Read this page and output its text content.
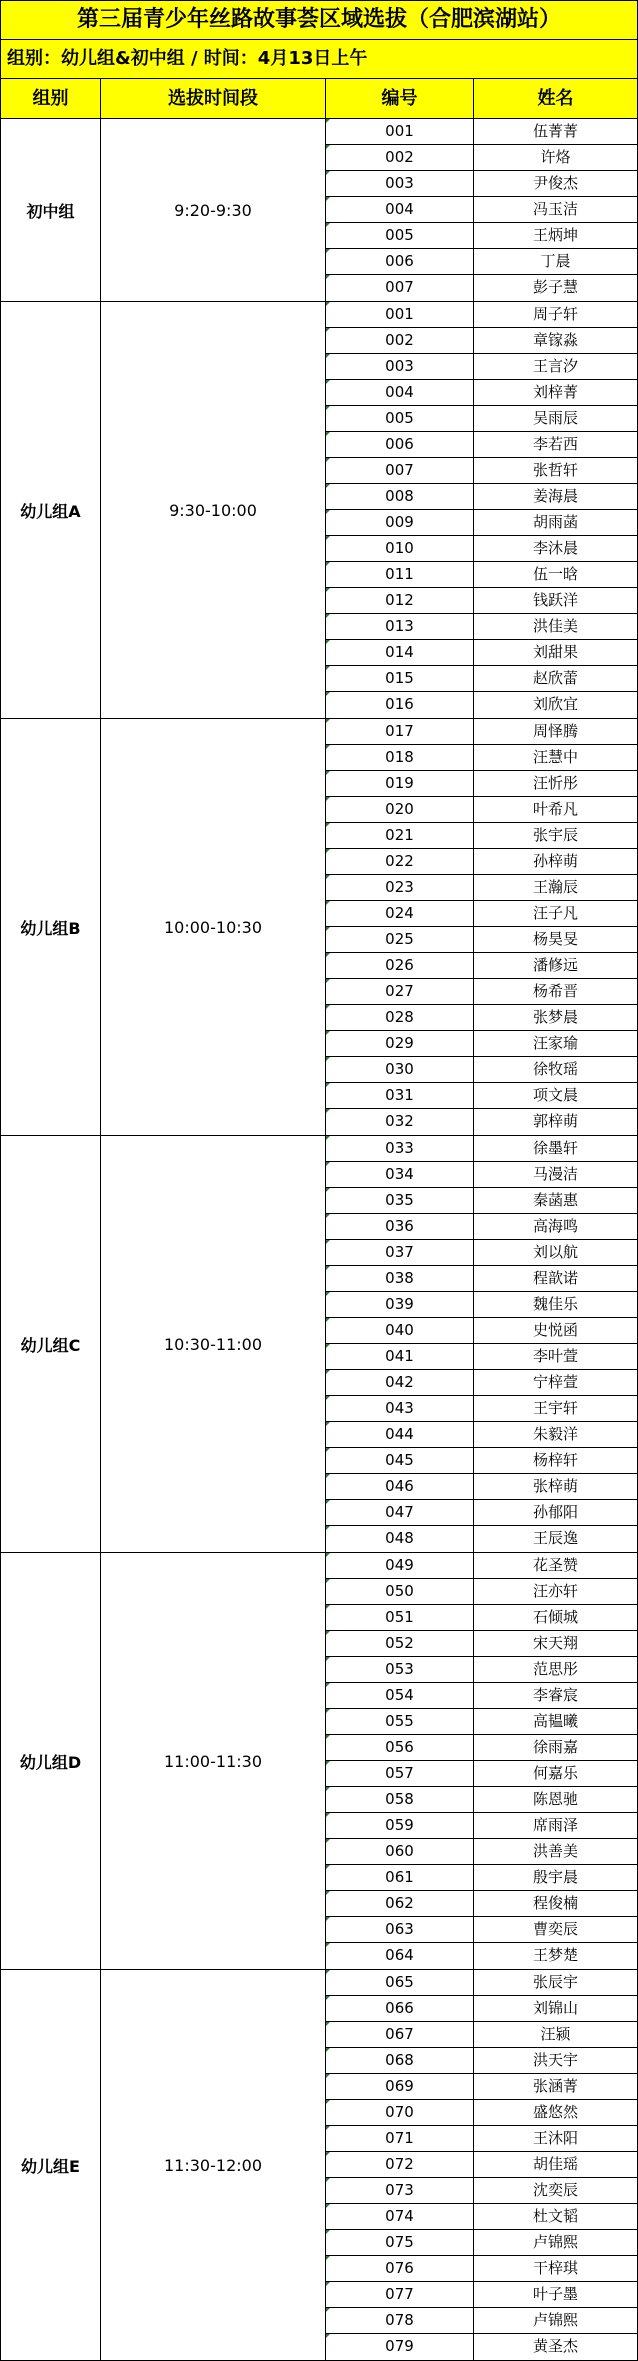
第三届青少年丝路故事荟区域选拔（合肥滨湖站）
组别：幼儿组&初中组 / 时间：4月13日上午
组别	选拔时间段	编号	姓名
初中组	9:20-9:30
001	伍菁菁
002	许烙
003	尹俊杰
004	冯玉洁
005	王炳坤
006	丁晨
007	彭子慧
幼儿组A	9:30-10:00
001	周子轩
002	章镓淼
003	王言汐
004	刘梓菁
005	吴雨辰
006	李若西
007	张哲轩
008	姜海晨
009	胡雨菡
010	李沐晨
011	伍一晗
012	钱跃洋
013	洪佳美
014	刘甜果
015	赵欣蕾
016	刘欣宜
幼儿组B	10:00-10:30
017	周怿腾
018	汪慧中
019	汪忻彤
020	叶希凡
021	张宇辰
022	孙梓萌
023	王瀚辰
024	汪子凡
025	杨昊旻
026	潘修远
027	杨希晋
028	张梦晨
029	汪家瑜
030	徐牧瑶
031	项文晨
032	郭梓萌
幼儿组C	10:30-11:00
033	徐墨轩
034	马漫洁
035	秦菡惠
036	高海鸣
037	刘以航
038	程歆诺
039	魏佳乐
040	史悦函
041	李叶萱
042	宁梓萱
043	王宇轩
044	朱毅洋
045	杨梓轩
046	张梓萌
047	孙郁阳
048	王辰逸
幼儿组D	11:00-11:30
049	花圣赞
050	汪亦轩
051	石倾城
052	宋天翔
053	范思彤
054	李睿宸
055	高韫曦
056	徐雨嘉
057	何嘉乐
058	陈恩驰
059	席雨泽
060	洪善美
061	殷宇晨
062	程俊楠
063	曹奕辰
064	王梦楚
幼儿组E	11:30-12:00
065	张辰宇
066	刘锦山
067	汪颍
068	洪天宇
069	张涵菁
070	盛悠然
071	王沐阳
072	胡佳瑶
073	沈奕辰
074	杜文韬
075	卢锦熙
076	干梓琪
077	叶子墨
078	卢锦熙
079	黄圣杰
